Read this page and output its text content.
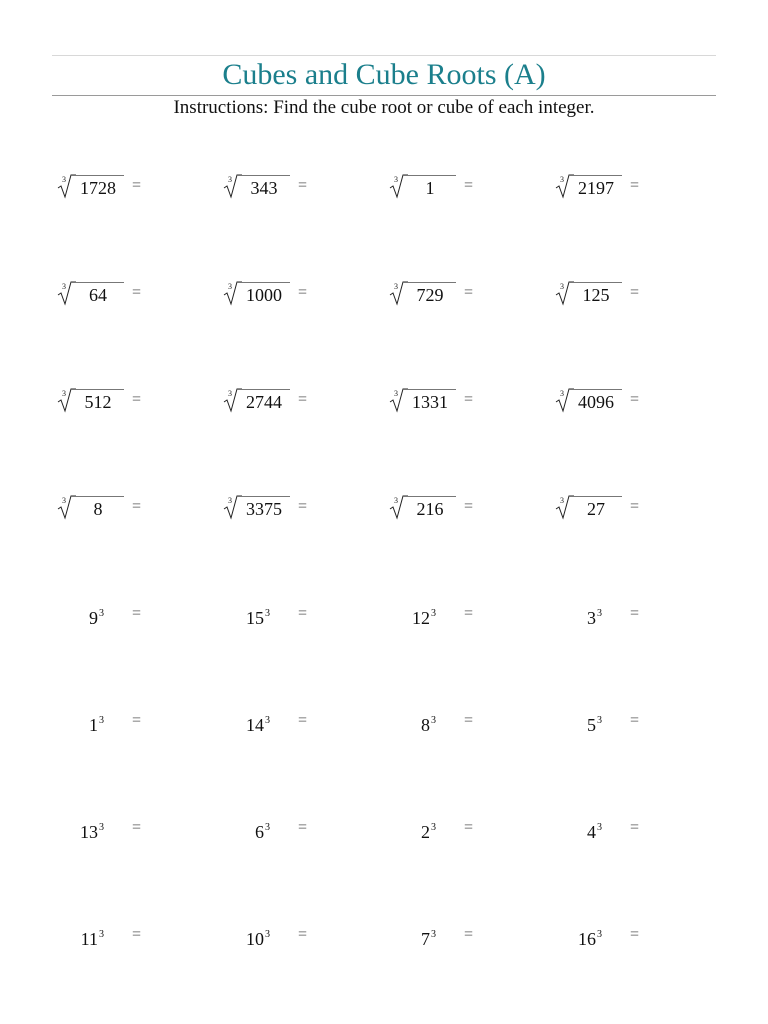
Cubes and Cube Roots (A)

Instructions: Find the cube root or cube of each integer.

3 1728	=	3	343	=	3	1	=	3 2197	=
3	64	=	3 1000	=	3	729	=	3	125	=
3	512	=	3 2744	=	3 1331	=	3 4096	=
3	8	=	3 3375	=	3	216	=	3	27	=
$9^3$ =	$15^3$ =	$12^3$ =	$3^3$ =
$1^3$ =	$14^3$ =	$8^3$ =	$5^3$ =
$13^3$ =	$6^3$ =	$2^3$ =	$4^3$ =
$11^3$ =	$10^3$ =	$7^3$ =	$16^3$ =
